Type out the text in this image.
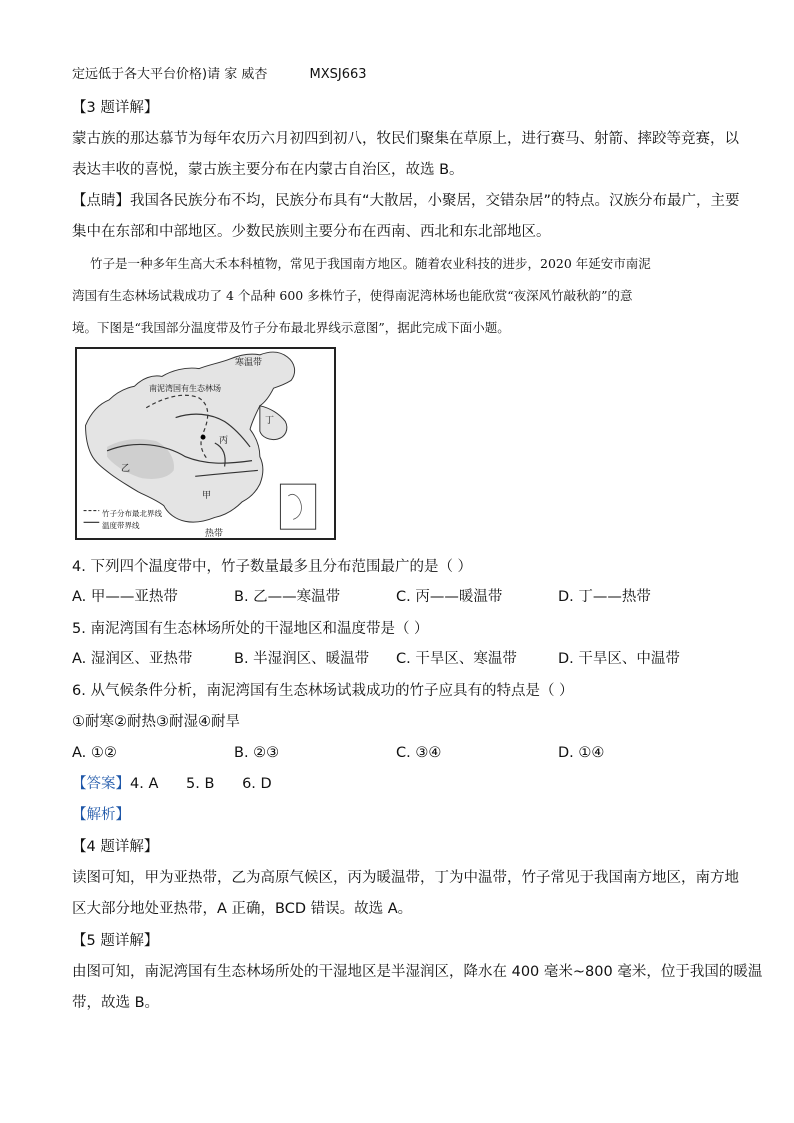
定远低于各大平台价格)请 家 威杏	MXSJ663
【3 题详解】
蒙古族的那达慕节为每年农历六月初四到初八，牧民们聚集在草原上，进行赛马、射箭、摔跤等竞赛，以
表达丰收的喜悦，蒙古族主要分布在内蒙古自治区，故选 B。
【点睛】我国各民族分布不均，民族分布具有“大散居，小聚居，交错杂居”的特点。汉族分布最广，主要
集中在东部和中部地区。少数民族则主要分布在西南、西北和东北部地区。
竹子是一种多年生高大禾本科植物，常见于我国南方地区。随着农业科技的进步，2020 年延安市南泥
湾国有生态林场试栽成功了 4 个品种 600 多株竹子，使得南泥湾林场也能欣赏“夜深风竹敲秋韵”的意
境。下图是“我国部分温度带及竹子分布最北界线示意图”，据此完成下面小题。
寒温带
南泥湾国有生态林场
丁
丙
乙
甲
热带
竹子分布最北界线
温度带界线
4. 下列四个温度带中，竹子数量最多且分布范围最广的是（ ）
A. 甲——亚热带	B. 乙——寒温带	C. 丙——暖温带	D. 丁——热带
5. 南泥湾国有生态林场所处的干湿地区和温度带是（ ）
A. 湿润区、亚热带	B. 半湿润区、暖温带 C. 干旱区、寒温带	D. 干旱区、中温带
6. 从气候条件分析，南泥湾国有生态林场试栽成功的竹子应具有的特点是（ ）
①耐寒②耐热③耐湿④耐旱
A. ①②	B. ②③	C. ③④	D. ①④
【答案】4. A      5. B      6. D
【解析】
【4 题详解】
读图可知，甲为亚热带，乙为高原气候区，丙为暖温带，丁为中温带，竹子常见于我国南方地区，南方地
区大部分地处亚热带，A 正确，BCD 错误。故选 A。
【5 题详解】
由图可知，南泥湾国有生态林场所处的干湿地区是半湿润区，降水在 400 毫米~800 毫米，位于我国的暖温
带，故选 B。
